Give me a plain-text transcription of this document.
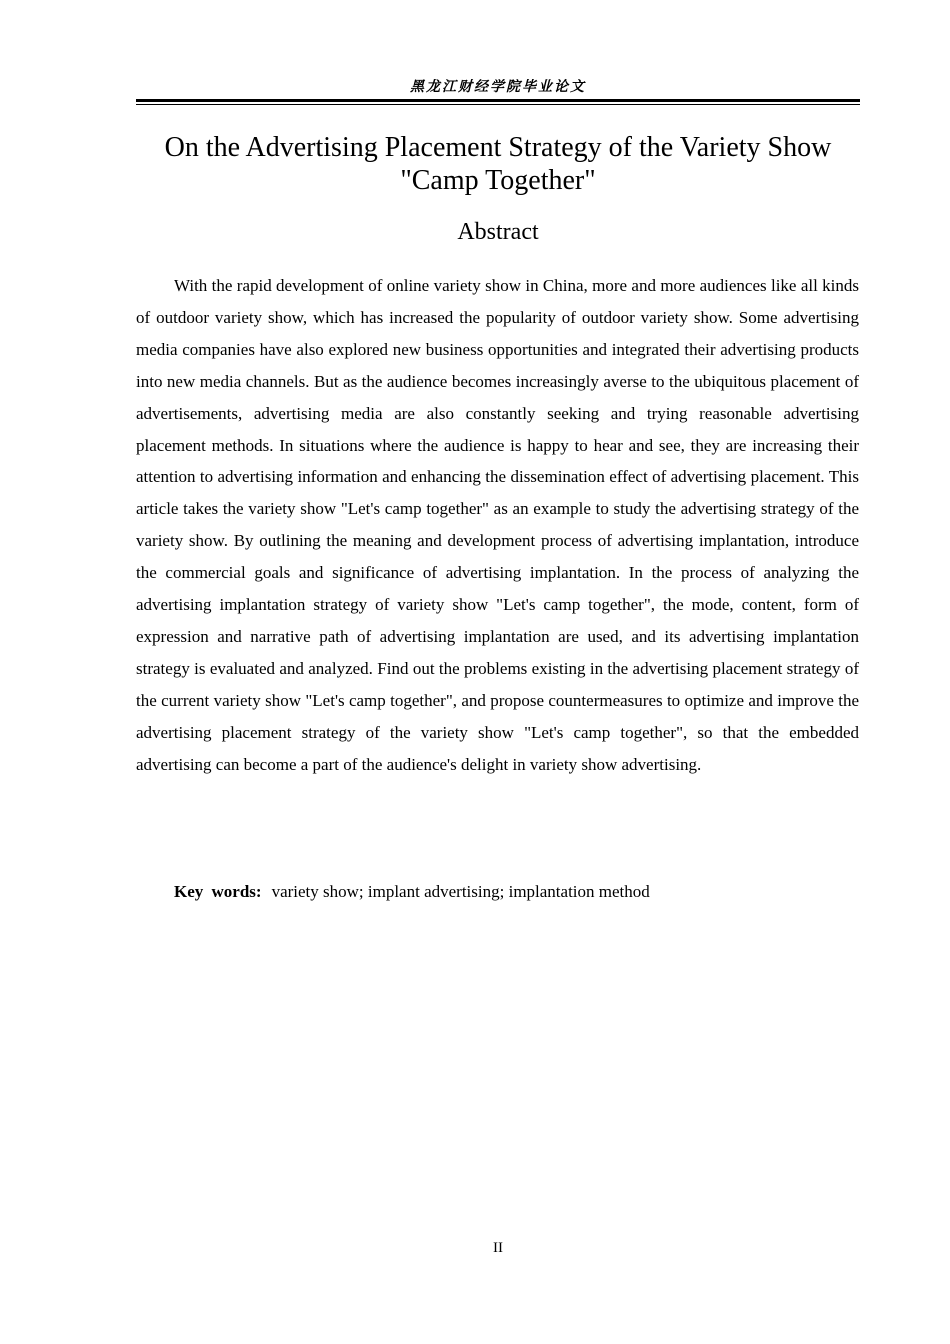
黑龙江财经学院毕业论文
On the Advertising Placement Strategy of the Variety Show "Camp Together"
Abstract

With the rapid development of online variety show in China, more and more audiences like all kinds of outdoor variety show, which has increased the popularity of outdoor variety show. Some advertising media companies have also explored new business opportunities and integrated their advertising products into new media channels. But as the audience becomes increasingly averse to the ubiquitous placement of advertisements, advertising media are also constantly seeking and trying reasonable advertising placement methods. In situations where the audience is happy to hear and see, they are increasing their attention to advertising information and enhancing the dissemination effect of advertising placement. This article takes the variety show "Let's camp together" as an example to study the advertising strategy of the variety show. By outlining the meaning and development process of advertising implantation, introduce the commercial goals and significance of advertising implantation. In the process of analyzing the advertising implantation strategy of variety show "Let's camp together", the mode, content, form of expression and narrative path of advertising implantation are used, and its advertising implantation strategy is evaluated and analyzed. Find out the problems existing in the advertising placement strategy of the current variety show "Let's camp together", and propose countermeasures to optimize and improve the advertising placement strategy of the variety show "Let's camp together", so that the embedded advertising can become a part of the audience's delight in variety show advertising.

Key words: variety show; implant advertising; implantation method

II
